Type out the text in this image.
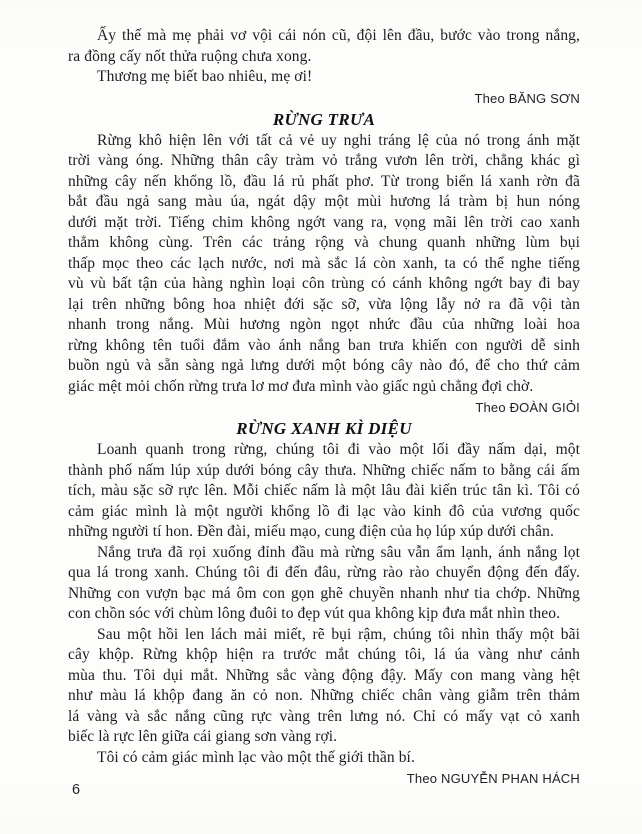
Ấy thế mà mẹ phải vơ vội cái nón cũ, đội lên đầu, bước vào trong nắng,
ra đồng cấy nốt thửa ruộng chưa xong.
Thương mẹ biết bao nhiêu, mẹ ơi!
Theo BĂNG SƠN
RỪNG TRƯA
Rừng khô hiện lên với tất cả vẻ uy nghi tráng lệ của nó trong ánh mặt
trời vàng óng. Những thân cây tràm vỏ trắng vươn lên trời, chẳng khác gì
những cây nến khổng lồ, đầu lá rủ phất phơ. Từ trong biển lá xanh rờn đã
bắt đầu ngả sang màu úa, ngát dậy một mùi hương lá tràm bị hun nóng
dưới mặt trời. Tiếng chim không ngớt vang ra, vọng mãi lên trời cao xanh
thẳm không cùng. Trên các trảng rộng và chung quanh những lùm bụi
thấp mọc theo các lạch nước, nơi mà sắc lá còn xanh, ta có thể nghe tiếng
vù vù bất tận của hàng nghìn loại côn trùng có cánh không ngớt bay đi bay
lại trên những bông hoa nhiệt đới sặc sỡ, vừa lộng lẫy nở ra đã vội tàn
nhanh trong nắng. Mùi hương ngòn ngọt nhức đầu của những loài hoa
rừng không tên tuổi đắm vào ánh nắng ban trưa khiến con người dễ sinh
buồn ngủ và sẵn sàng ngả lưng dưới một bóng cây nào đó, để cho thứ cảm
giác mệt mỏi chốn rừng trưa lơ mơ đưa mình vào giấc ngủ chẳng đợi chờ.
Theo ĐOÀN GIỎI
RỪNG XANH KÌ DIỆU
Loanh quanh trong rừng, chúng tôi đi vào một lối đầy nấm dại, một
thành phố nấm lúp xúp dưới bóng cây thưa. Những chiếc nấm to bằng cái ấm
tích, màu sặc sỡ rực lên. Mỗi chiếc nấm là một lâu đài kiến trúc tân kì. Tôi có
cảm giác mình là một người khổng lồ đi lạc vào kinh đô của vương quốc
những người tí hon. Đền đài, miếu mạo, cung điện của họ lúp xúp dưới chân.
Nắng trưa đã rọi xuống đỉnh đầu mà rừng sâu vẫn ẩm lạnh, ánh nắng lọt
qua lá trong xanh. Chúng tôi đi đến đâu, rừng rào rào chuyển động đến đấy.
Những con vượn bạc má ôm con gọn ghẽ chuyền nhanh như tia chớp. Những
con chồn sóc với chùm lông đuôi to đẹp vút qua không kịp đưa mắt nhìn theo.
Sau một hồi len lách mải miết, rẽ bụi rậm, chúng tôi nhìn thấy một bãi
cây khộp. Rừng khộp hiện ra trước mắt chúng tôi, lá úa vàng như cảnh
mùa thu. Tôi dụi mắt. Những sắc vàng động đậy. Mấy con mang vàng hệt
như màu lá khộp đang ăn cỏ non. Những chiếc chân vàng giẫm trên thảm
lá vàng và sắc nắng cũng rực vàng trên lưng nó. Chỉ có mấy vạt cỏ xanh
biếc là rực lên giữa cái giang sơn vàng rợi.
Tôi có cảm giác mình lạc vào một thế giới thần bí.
Theo NGUYỄN PHAN HÁCH
6
